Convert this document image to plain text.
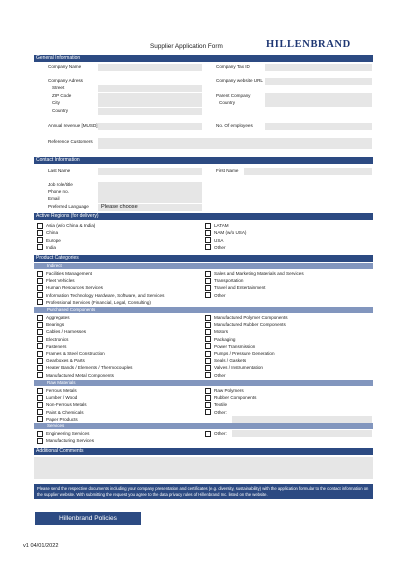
Supplier Application Form	HILLENBRAND
General Information
Company Name	Company Tax ID
Company Adress	Company website URL
Street
ZIP Code	Parent Company
City	Country
Country
Annual revenue [MUSD]	No. Of employees
Reference Customers
Contact Information
Last Name	First Name
Job role/title
Phone no.
Email
Preferred Language	Please choose
Active Regions (for delivery)
Asia (w/o China & India)
China
Europe
India
LATAM
NAM (w/o USA)
USA
Other
Product Categories
Indirect
Facilities Management
Fleet Vehicles
Human Resources Services
Information Technology Hardware, Software, and Services
Professional Services (Financial, Legal, Consulting)
Sales and Marketing Materials and Services
Transportation
Travel and Entertainment
Other
Purchased Components
Aggregates
Bearings
Cables / Harnesses
Electronics
Fasteners
Frames & Steel Construction
Gearboxes & Parts
Heater Bands / Elements / Thermocouples
Manufactured Metal Components
Manufactured Polymer Components
Manufactured Rubber Components
Motors
Packaging
Power Transmission
Pumps / Pressure Generation
Seals / Gaskets
Valves / Instrumentation
Other
Raw Materials
Ferrous Metals
Lumber / Wood
Non-Ferrous Metals
Paint & Chemicals
Paper Products
Raw Polymers
Rubber Components
Textile
Other:
Services
Engineering Services
Manufacturing Services
Other:
Additional Comments
Please send the respective documents including your company presentation and certificates (e.g. diversity, sustainability) with the application formular to the contact information on the supplier website. With submitting the request you agree to the data privacy rules of Hillenbrand Inc. listed on the website.
Hillenbrand Policies
v1 04/01/2022
